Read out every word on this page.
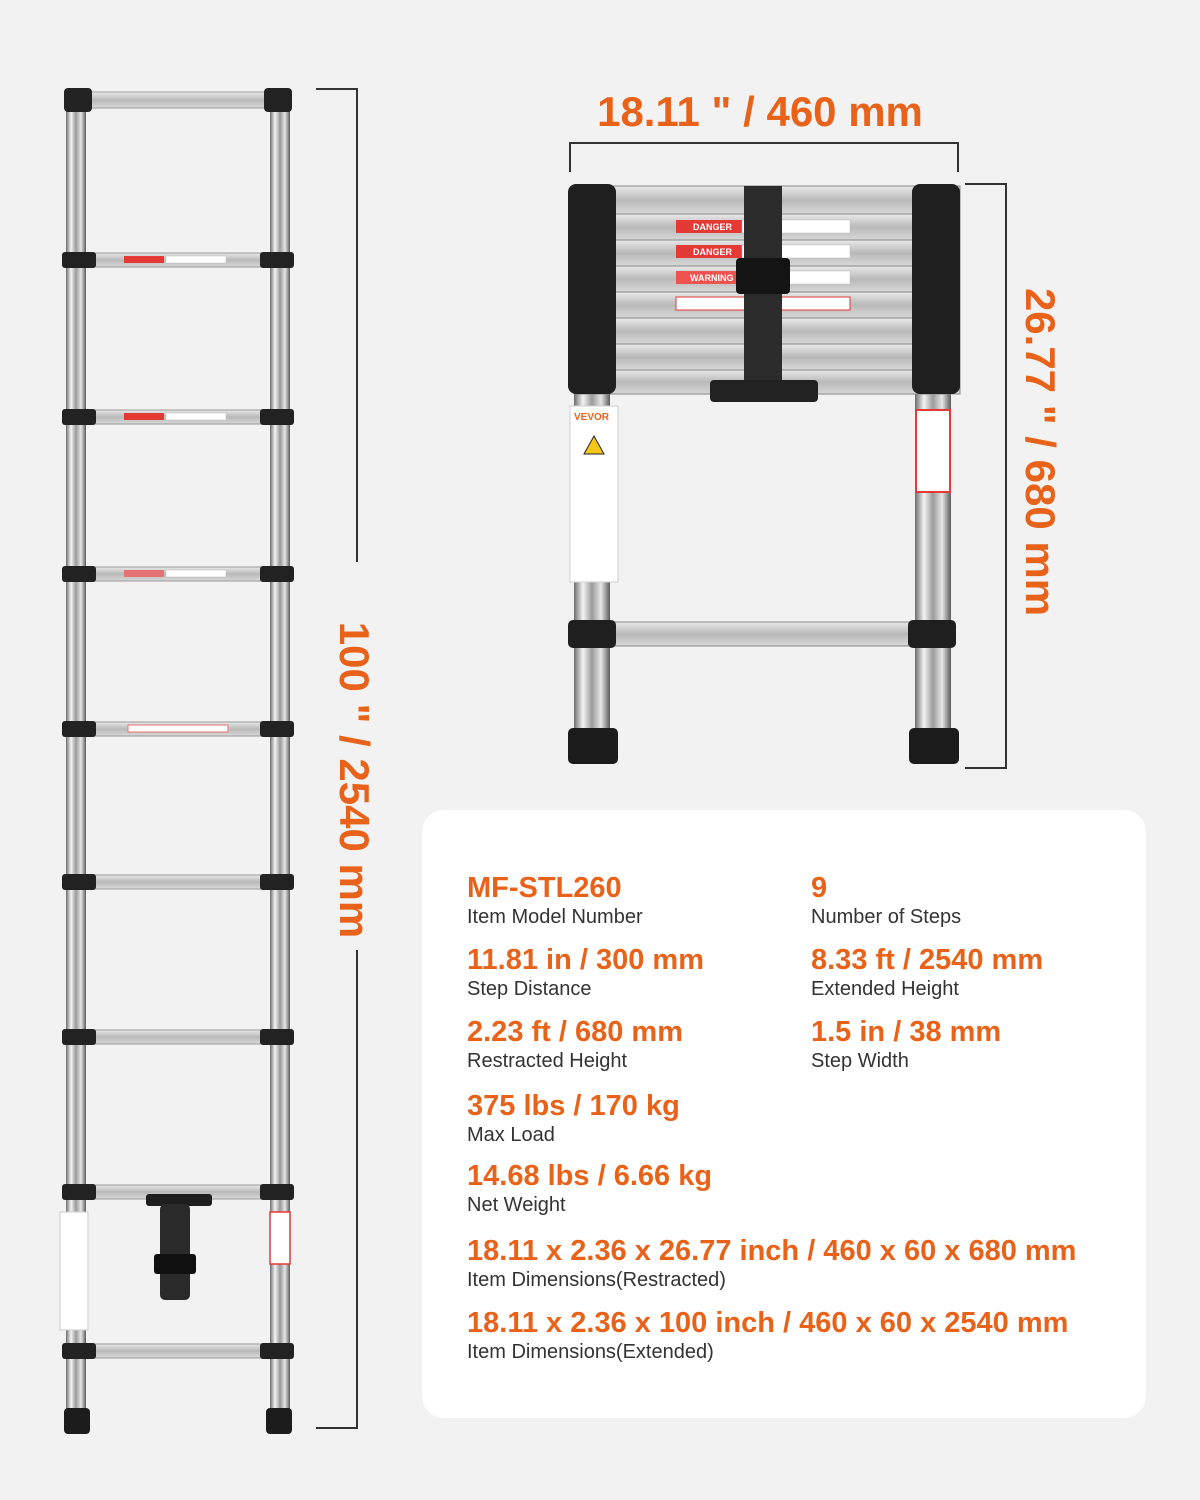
DANGER
DANGER
WARNING
VEVOR
18.11 " / 460 mm
100 " / 2540 mm
26.77 " / 680 mm
MF-STL260
Item Model Number
9
Number of Steps
11.81 in / 300 mm
Step Distance
8.33 ft / 2540 mm
Extended Height
2.23 ft / 680 mm
Restracted Height
1.5 in / 38 mm
Step Width
375 lbs / 170 kg
Max Load
14.68 lbs / 6.66 kg
Net Weight
18.11 x 2.36 x 26.77 inch / 460 x 60 x 680 mm
Item Dimensions(Restracted)
18.11 x 2.36 x 100 inch / 460 x 60 x 2540 mm
Item Dimensions(Extended)
